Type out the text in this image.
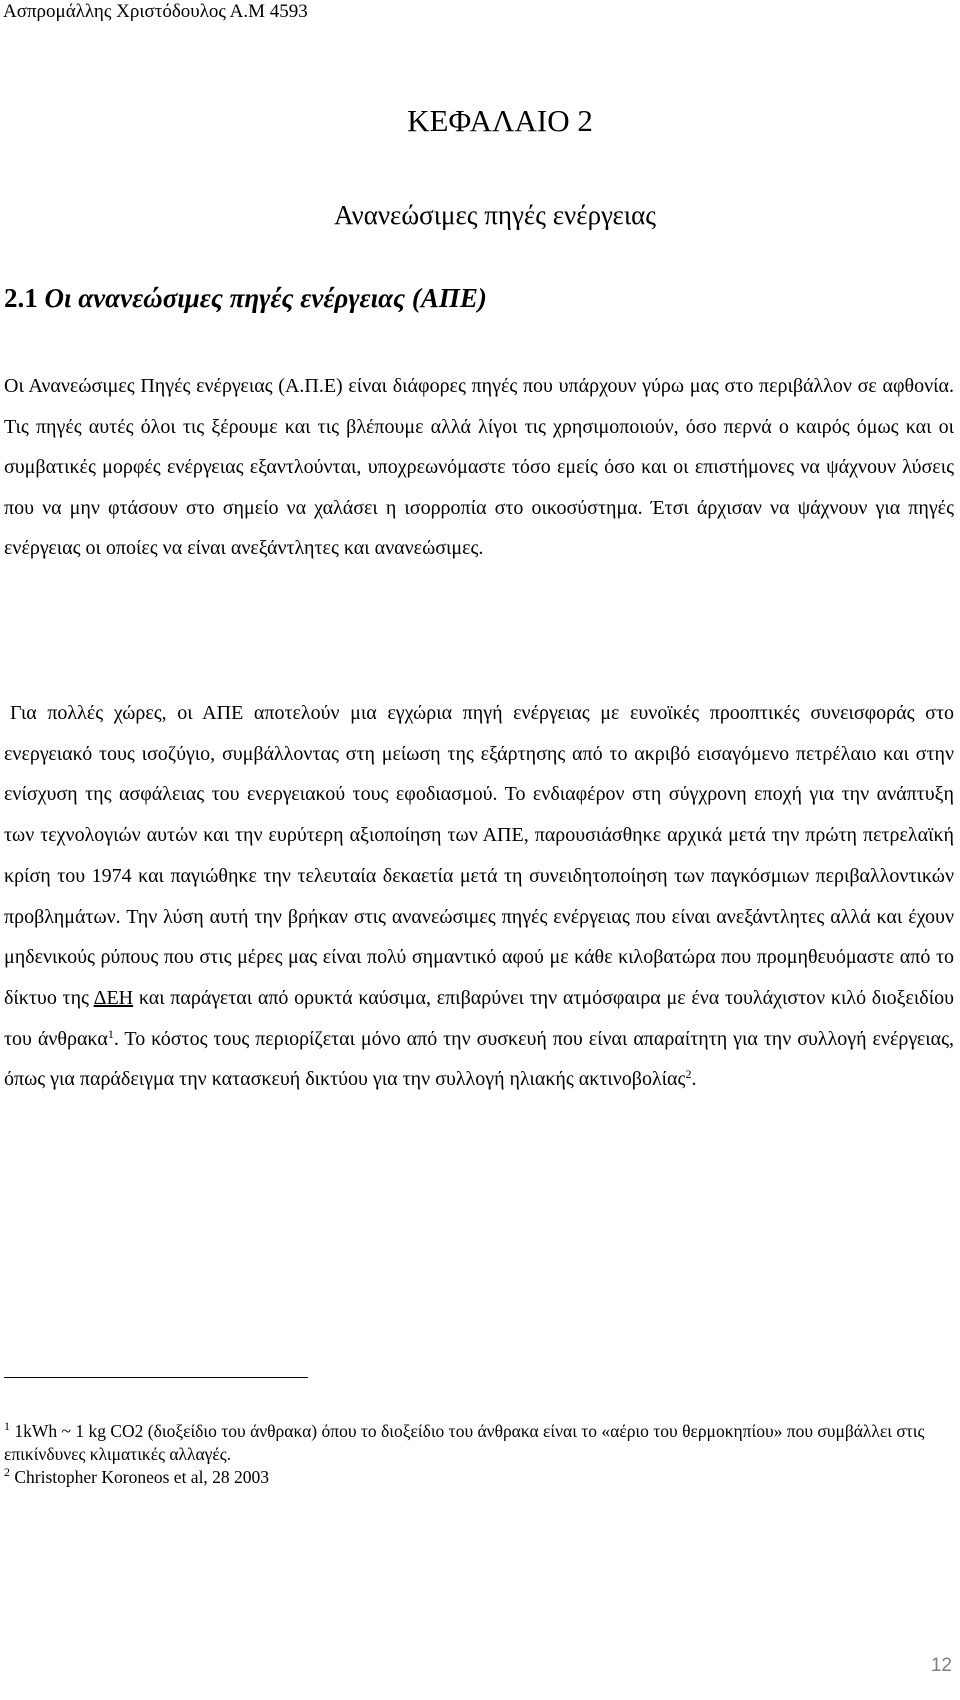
Ασπρομάλλης Χριστόδουλος Α.Μ 4593
ΚΕΦΑΛΑΙΟ 2
Ανανεώσιμες πηγές ενέργειας
2.1 Οι ανανεώσιμες πηγές ενέργειας (ΑΠΕ)

Οι Ανανεώσιμες Πηγές ενέργειας (Α.Π.Ε) είναι διάφορες πηγές που υπάρχουν γύρω μας στο περιβάλλον σε αφθονία. Τις πηγές αυτές όλοι τις ξέρουμε και τις βλέπουμε αλλά λίγοι τις χρησιμοποιούν, όσο περνά ο καιρός όμως και οι συμβατικές μορφές ενέργειας εξαντλούνται, υποχρεωνόμαστε τόσο εμείς όσο και οι επιστήμονες να ψάχνουν λύσεις που να μην φτάσουν στο σημείο να χαλάσει η ισορροπία στο οικοσύστημα. Έτσι άρχισαν να ψάχνουν για πηγές ενέργειας οι οποίες να είναι ανεξάντλητες και ανανεώσιμες.

Για πολλές χώρες, οι ΑΠΕ αποτελούν μια εγχώρια πηγή ενέργειας με ευνοϊκές προοπτικές συνεισφοράς στο ενεργειακό τους ισοζύγιο, συμβάλλοντας στη μείωση της εξάρτησης από το ακριβό εισαγόμενο πετρέλαιο και στην ενίσχυση της ασφάλειας του ενεργειακού τους εφοδιασμού. Το ενδιαφέρον στη σύγχρονη εποχή για την ανάπτυξη των τεχνολογιών αυτών και την ευρύτερη αξιοποίηση των ΑΠΕ, παρουσιάσθηκε αρχικά μετά την πρώτη πετρελαϊκή κρίση του 1974 και παγιώθηκε την τελευταία δεκαετία μετά τη συνειδητοποίηση των παγκόσμιων περιβαλλοντικών προβλημάτων. Την λύση αυτή την βρήκαν στις ανανεώσιμες πηγές ενέργειας που είναι ανεξάντλητες αλλά και έχουν μηδενικούς ρύπους που στις μέρες μας είναι πολύ σημαντικό αφού με κάθε κιλοβατώρα που προμηθευόμαστε από το δίκτυο της ΔΕΗ και παράγεται από ορυκτά καύσιμα, επιβαρύνει την ατμόσφαιρα με ένα τουλάχιστον κιλό διοξειδίου του άνθρακα$^1$. Το κόστος τους περιορίζεται μόνο από την συσκευή που είναι απαραίτητη για την συλλογή ενέργειας, όπως για παράδειγμα την κατασκευή δικτύου για την συλλογή ηλιακής ακτινοβολίας$^2$.

$^1$ 1kWh ~ 1 kg CO2 (διοξείδιο του άνθρακα) όπου το διοξείδιο του άνθρακα είναι το «αέριο του θερμοκηπίου» που συμβάλλει στις επικίνδυνες κλιματικές αλλαγές.

$^2$ Christopher Koroneos et al, 28 2003

12
